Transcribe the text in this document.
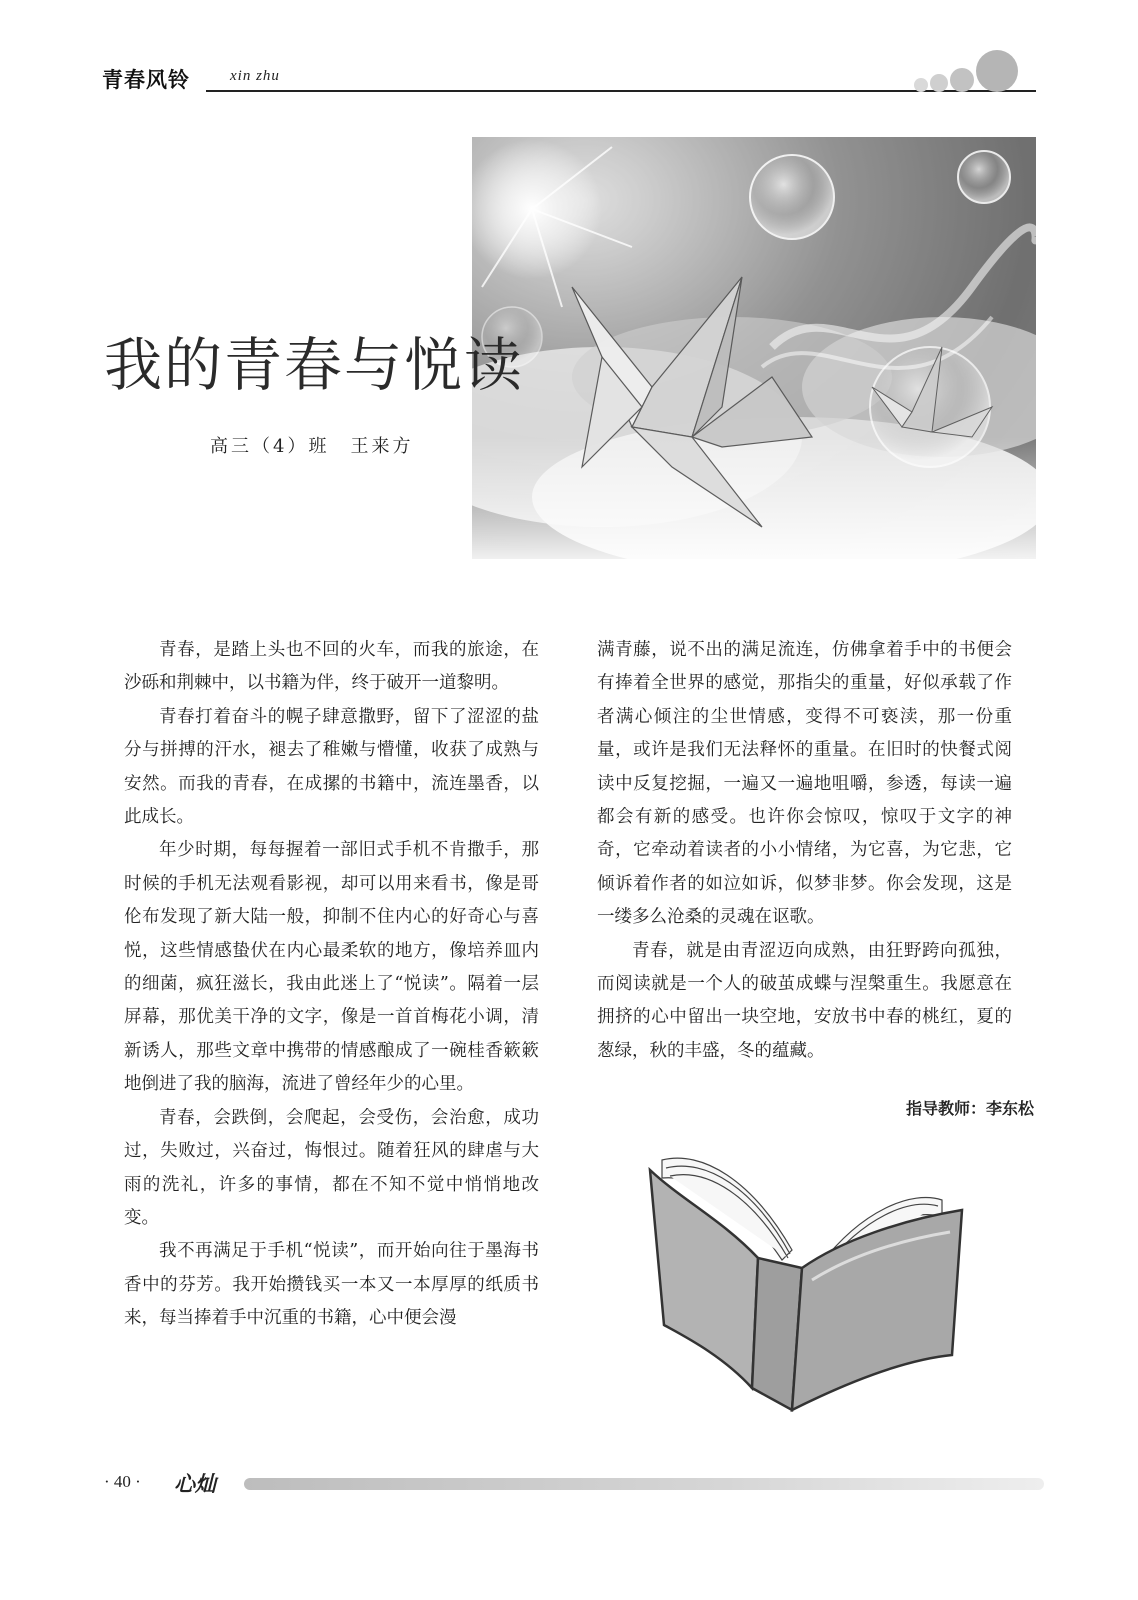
青春风铃	xin zhu
我的青春与悦读
高三（4）班　王来方

青春，是踏上头也不回的火车，而我的旅途，在沙砾和荆棘中，以书籍为伴，终于破开一道黎明。

青春打着奋斗的幌子肆意撒野，留下了涩涩的盐分与拼搏的汗水，褪去了稚嫩与懵懂，收获了成熟与安然。而我的青春，在成摞的书籍中，流连墨香，以此成长。

年少时期，每每握着一部旧式手机不肯撒手，那时候的手机无法观看影视，却可以用来看书，像是哥伦布发现了新大陆一般，抑制不住内心的好奇心与喜悦，这些情感蛰伏在内心最柔软的地方，像培养皿内的细菌，疯狂滋长，我由此迷上了“悦读”。隔着一层屏幕，那优美干净的文字，像是一首首梅花小调，清新诱人，那些文章中携带的情感酿成了一碗桂香簌簌地倒进了我的脑海，流进了曾经年少的心里。

青春，会跌倒，会爬起，会受伤，会治愈，成功过，失败过，兴奋过，悔恨过。随着狂风的肆虐与大雨的洗礼，许多的事情，都在不知不觉中悄悄地改变。

我不再满足于手机“悦读”，而开始向往于墨海书香中的芬芳。我开始攒钱买一本又一本厚厚的纸质书来，每当捧着手中沉重的书籍，心中便会漫

满青藤，说不出的满足流连，仿佛拿着手中的书便会有捧着全世界的感觉，那指尖的重量，好似承载了作者满心倾注的尘世情感，变得不可亵渎，那一份重量，或许是我们无法释怀的重量。在旧时的快餐式阅读中反复挖掘，一遍又一遍地咀嚼，参透，每读一遍都会有新的感受。也许你会惊叹，惊叹于文字的神奇，它牵动着读者的小小情绪，为它喜，为它悲，它倾诉着作者的如泣如诉，似梦非梦。你会发现，这是一缕多么沧桑的灵魂在讴歌。

青春，就是由青涩迈向成熟，由狂野跨向孤独，而阅读就是一个人的破茧成蝶与涅槃重生。我愿意在拥挤的心中留出一块空地，安放书中春的桃红，夏的葱绿，秋的丰盛，冬的蕴藏。

指导教师：李东松
· 40 · 心灿
